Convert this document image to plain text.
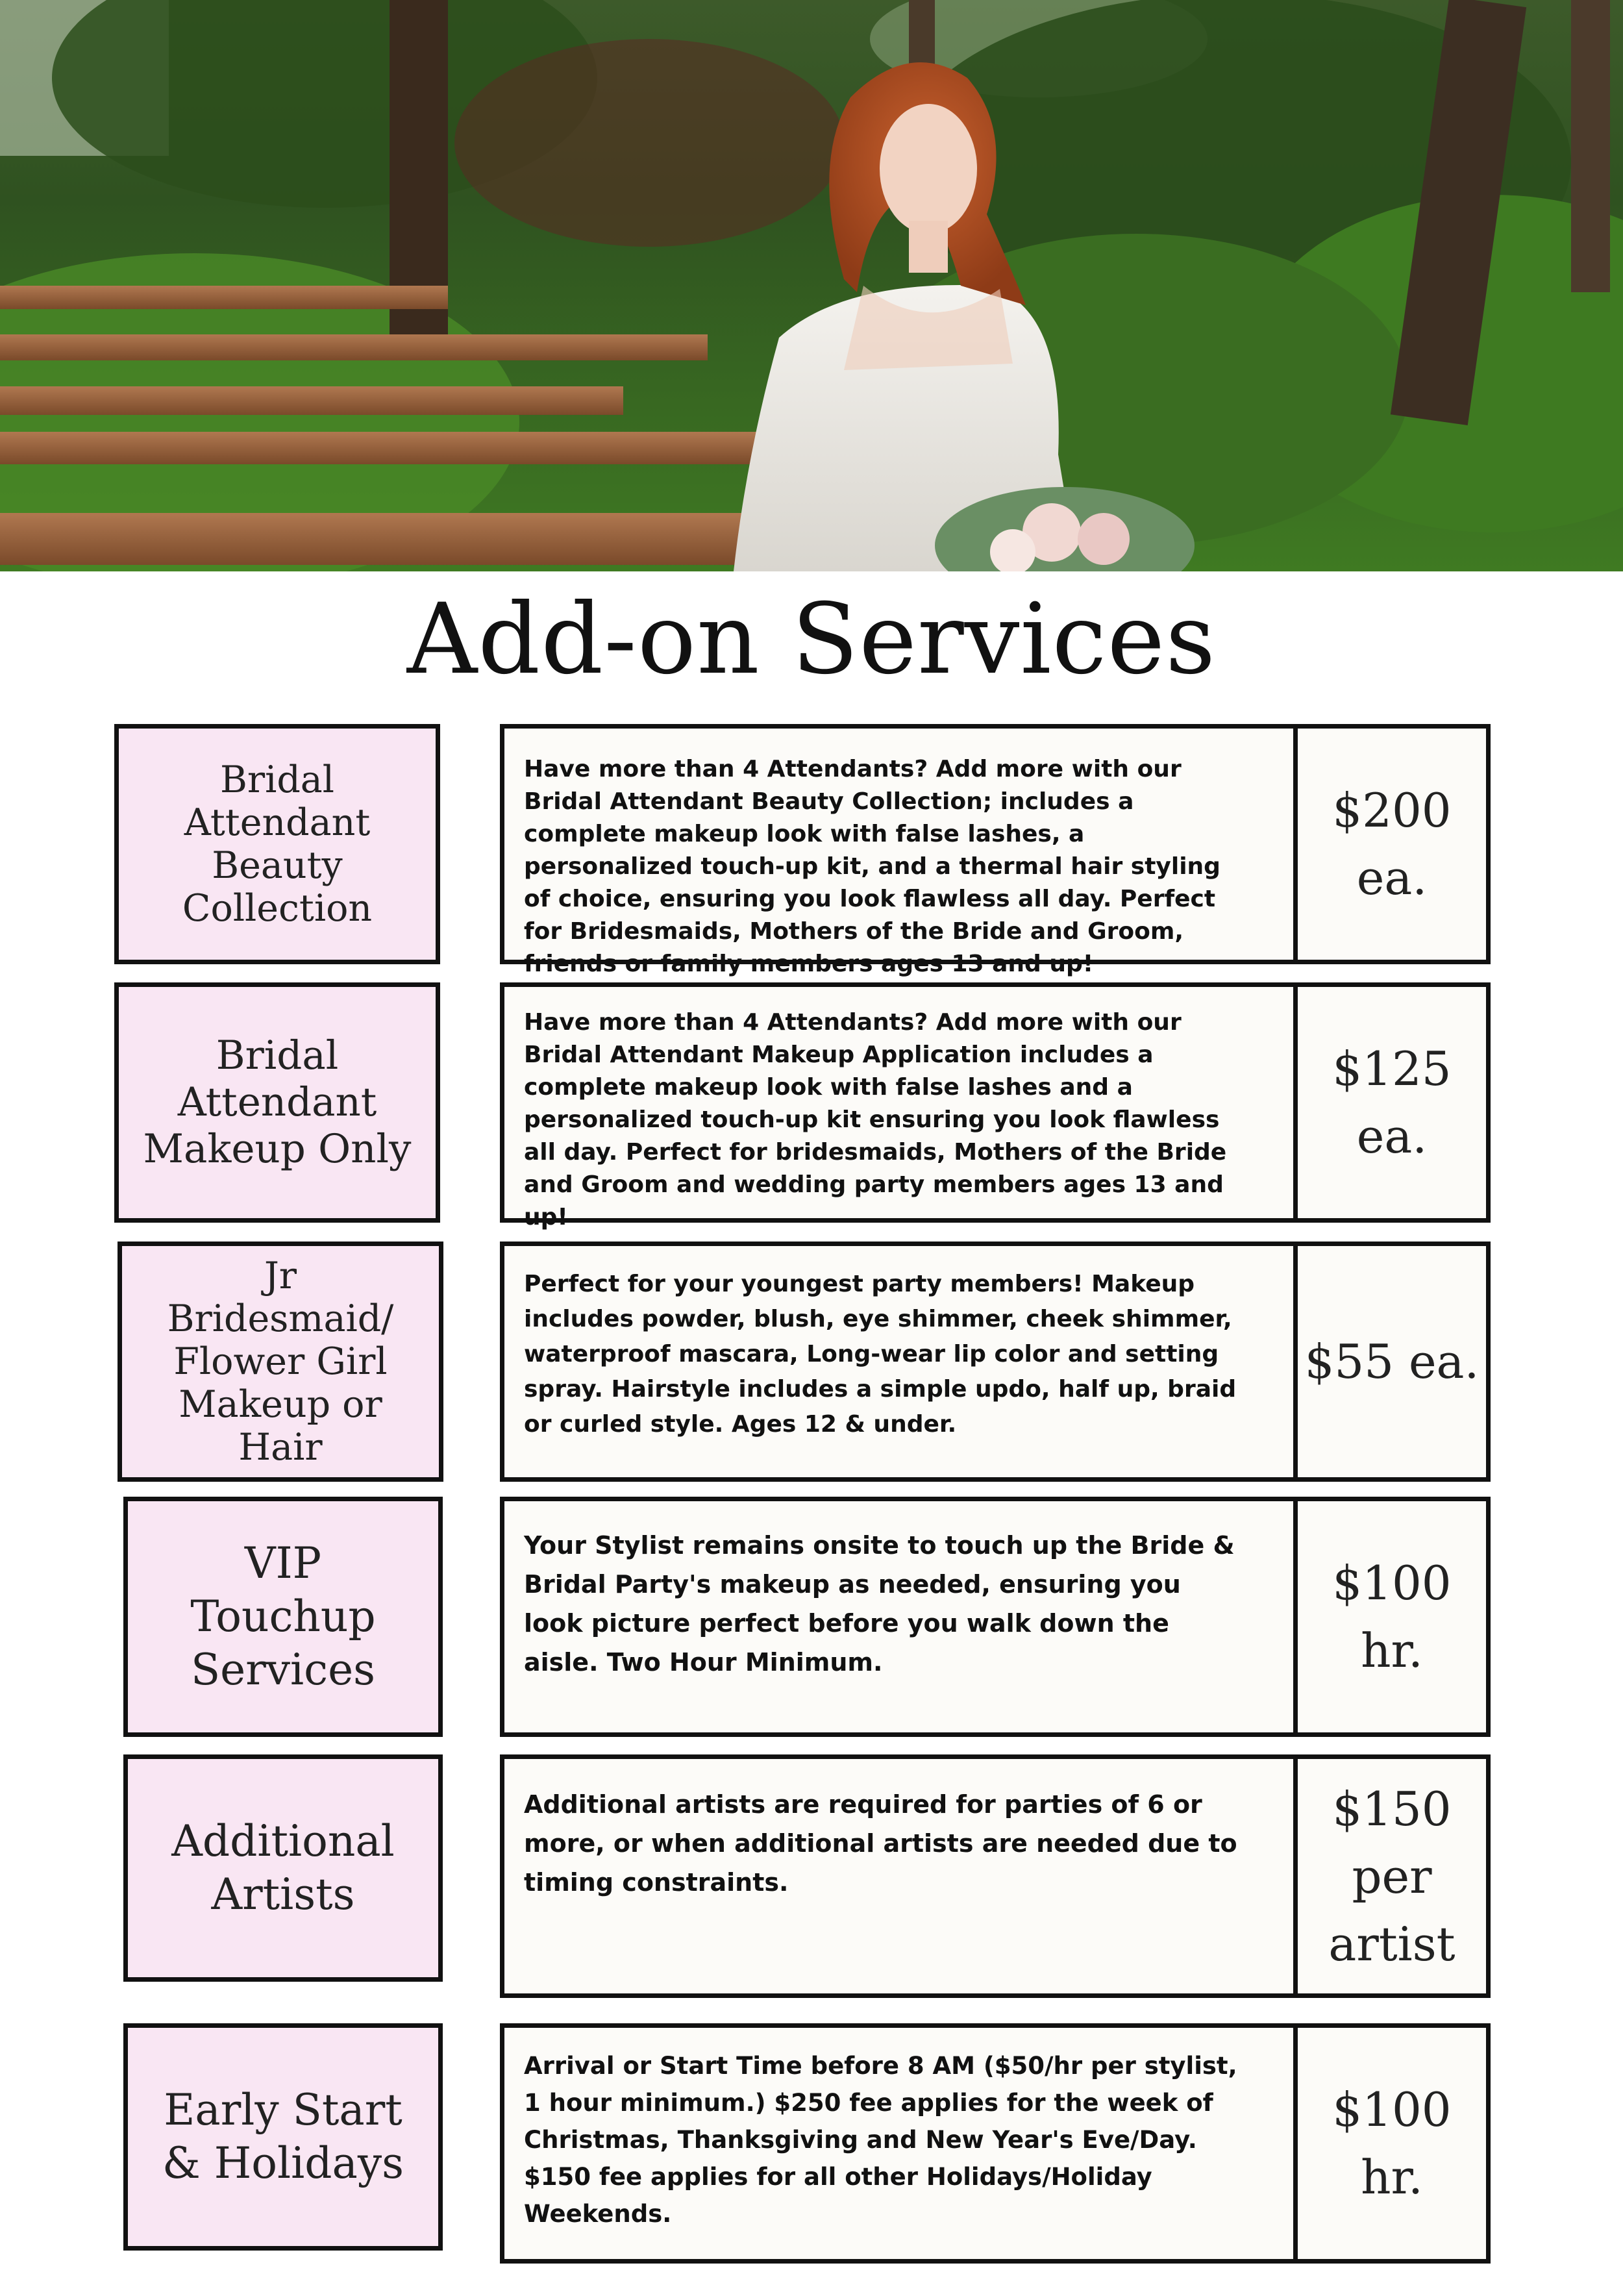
Add-on Services
Bridal Attendant Beauty Collection
Have more than 4 Attendants? Add more with our Bridal Attendant Beauty Collection; includes a complete makeup look with false lashes, a personalized touch-up kit, and a thermal hair styling of choice, ensuring you look flawless all day. Perfect for Bridesmaids, Mothers of the Bride and Groom, friends or family members ages 13 and up!
$200 ea.
Bridal Attendant Makeup Only
Have more than 4 Attendants? Add more with our Bridal Attendant Makeup Application includes a complete makeup look with false lashes and a personalized touch-up kit ensuring you look flawless all day. Perfect for bridesmaids, Mothers of the Bride and Groom and wedding party members ages 13 and up!
$125 ea.
Jr Bridesmaid/ Flower Girl Makeup or Hair
Perfect for your youngest party members! Makeup includes powder, blush, eye shimmer, cheek shimmer, waterproof mascara, Long-wear lip color and setting spray. Hairstyle includes a simple updo, half up, braid or curled style. Ages 12 & under.
$55 ea.
VIP Touchup Services
Your Stylist remains onsite to touch up the Bride & Bridal Party's makeup as needed, ensuring you look picture perfect before you walk down the aisle. Two Hour Minimum.
$100 hr.
Additional Artists
Additional artists are required for parties of 6 or more, or when additional artists are needed due to timing constraints.
$150 per artist
Early Start & Holidays
Arrival or Start Time before 8 AM ($50/hr per stylist, 1 hour minimum.) $250 fee applies for the week of Christmas, Thanksgiving and New Year's Eve/Day. $150 fee applies for all other Holidays/Holiday Weekends.
$100 hr.
